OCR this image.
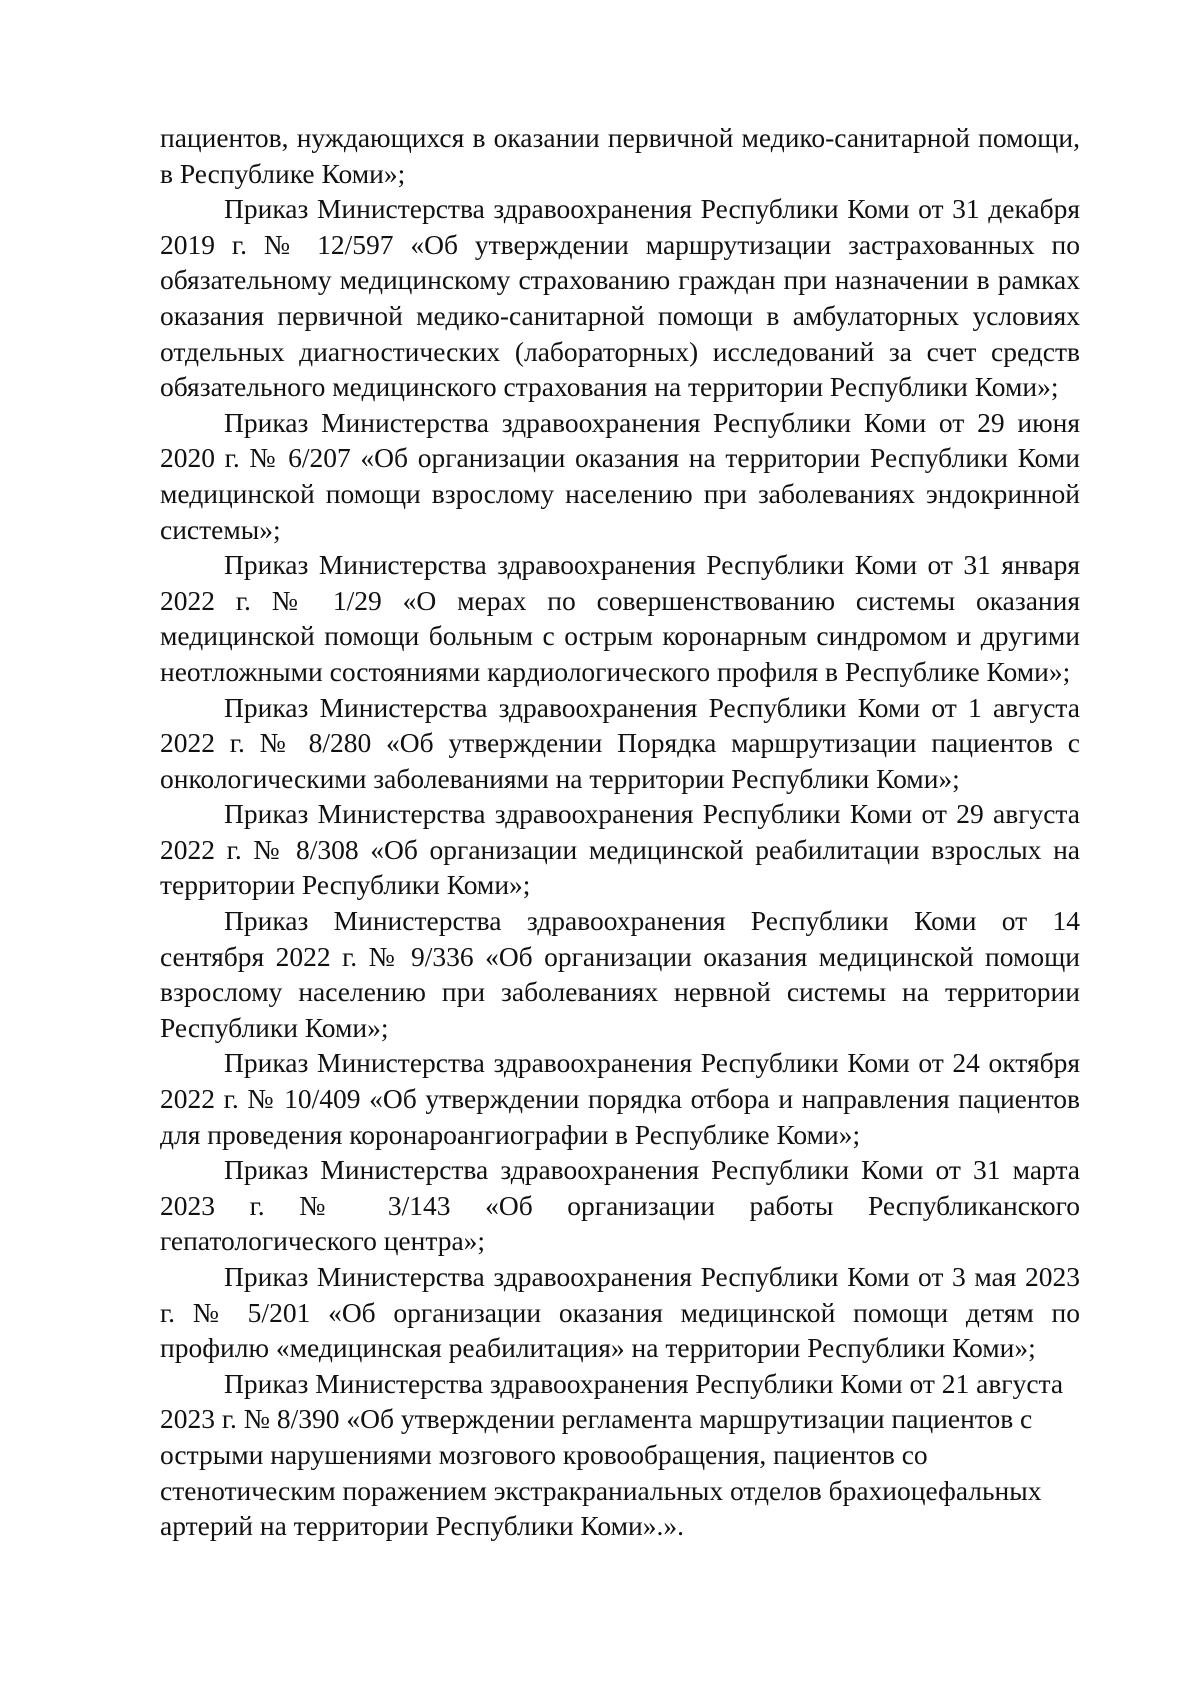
пациентов, нуждающихся в оказании первичной медико-санитарной помощи, в Республике Коми»;

Приказ Министерства здравоохранения Республики Коми от 31 декабря 2019 г. № 12/597 «Об утверждении маршрутизации застрахованных по обязательному медицинскому страхованию граждан при назначении в рамках оказания первичной медико-санитарной помощи в амбулаторных условиях отдельных диагностических (лабораторных) исследований за счет средств обязательного медицинского страхования на территории Республики Коми»;

Приказ Министерства здравоохранения Республики Коми от 29 июня 2020 г. № 6/207 «Об организации оказания на территории Республики Коми медицинской помощи взрослому населению при заболеваниях эндокринной системы»;

Приказ Министерства здравоохранения Республики Коми от 31 января 2022 г. № 1/29 «О мерах по совершенствованию системы оказания медицинской помощи больным с острым коронарным синдромом и другими неотложными состояниями кардиологического профиля в Республике Коми»;

Приказ Министерства здравоохранения Республики Коми от 1 августа 2022 г. № 8/280 «Об утверждении Порядка маршрутизации пациентов с онкологическими заболеваниями на территории Республики Коми»;

Приказ Министерства здравоохранения Республики Коми от 29 августа 2022 г. № 8/308 «Об организации медицинской реабилитации взрослых на территории Республики Коми»;

Приказ Министерства здравоохранения Республики Коми от 14 сентября 2022 г. № 9/336 «Об организации оказания медицинской помощи взрослому населению при заболеваниях нервной системы на территории Республики Коми»;

Приказ Министерства здравоохранения Республики Коми от 24 октября 2022 г. № 10/409 «Об утверждении порядка отбора и направления пациентов для проведения коронароангиографии в Республике Коми»;

Приказ Министерства здравоохранения Республики Коми от 31 марта 2023 г. № 3/143 «Об организации работы Республиканского гепатологического центра»;

Приказ Министерства здравоохранения Республики Коми от 3 мая 2023 г. № 5/201 «Об организации оказания медицинской помощи детям по профилю «медицинская реабилитация» на территории Республики Коми»;

Приказ Министерства здравоохранения Республики Коми от 21 августа 2023 г. № 8/390 «Об утверждении регламента маршрутизации пациентов с острыми нарушениями мозгового кровообращения, пациентов со стенотическим поражением экстракраниальных отделов брахиоцефальных артерий на территории Республики Коми».».
